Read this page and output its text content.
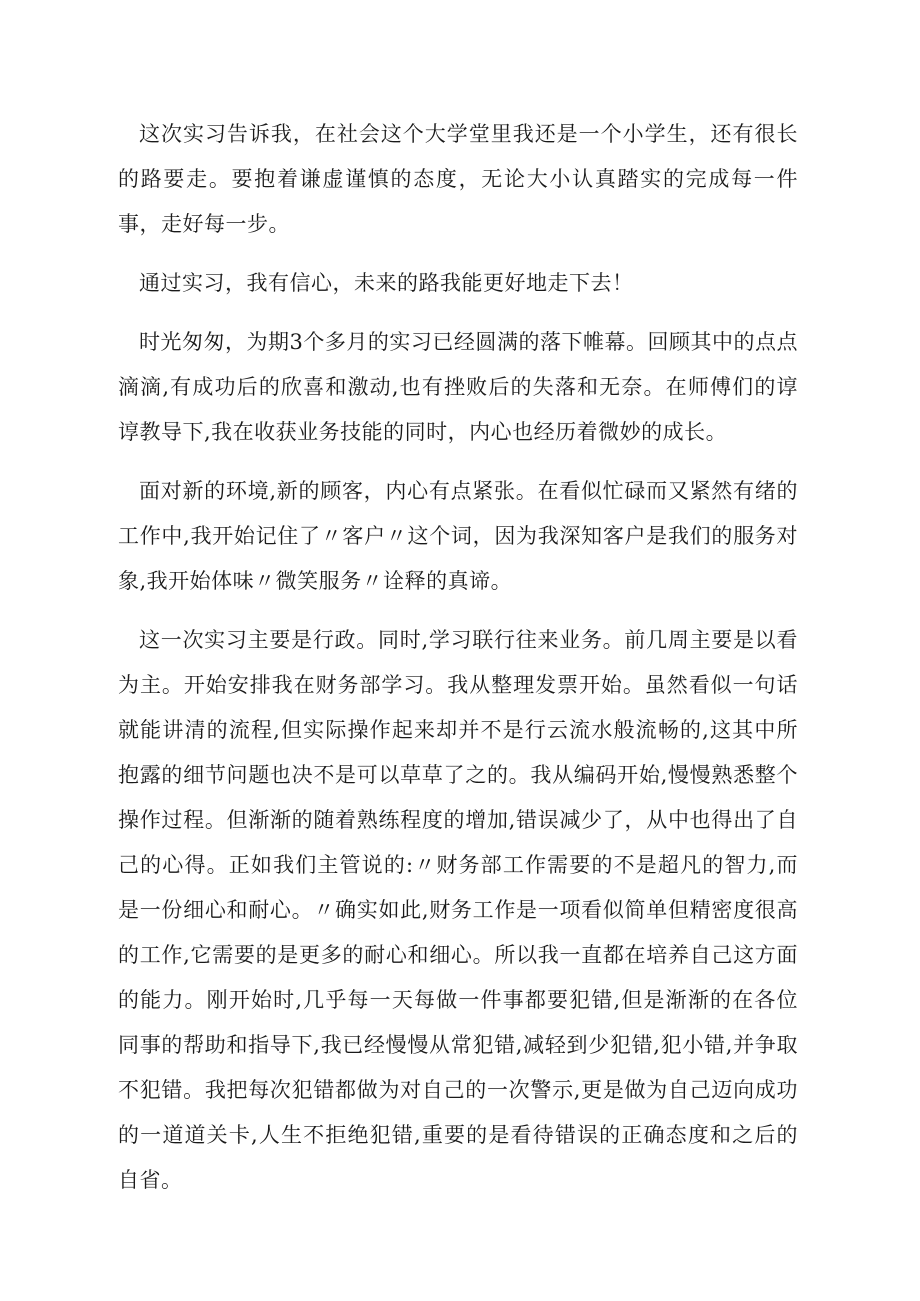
这次实习告诉我，在社会这个大学堂里我还是一个小学生，还有很长的路要走。要抱着谦虚谨慎的态度，无论大小认真踏实的完成每一件事，走好每一步。

通过实习，我有信心，未来的路我能更好地走下去！

时光匆匆，为期3个多月的实习已经圆满的落下帷幕。回顾其中的点点滴滴,有成功后的欣喜和激动,也有挫败后的失落和无奈。在师傅们的谆谆教导下,我在收获业务技能的同时，内心也经历着微妙的成长。

面对新的环境,新的顾客，内心有点紧张。在看似忙碌而又紧然有绪的工作中,我开始记住了〃客户〃这个词，因为我深知客户是我们的服务对象,我开始体味〃微笑服务〃诠释的真谛。

这一次实习主要是行政。同时,学习联行往来业务。前几周主要是以看为主。开始安排我在财务部学习。我从整理发票开始。虽然看似一句话就能讲清的流程,但实际操作起来却并不是行云流水般流畅的,这其中所抱露的细节问题也决不是可以草草了之的。我从编码开始,慢慢熟悉整个操作过程。但渐渐的随着熟练程度的增加,错误减少了，从中也得出了自己的心得。正如我们主管说的:〃财务部工作需要的不是超凡的智力,而是一份细心和耐心。〃确实如此,财务工作是一项看似简单但精密度很高的工作,它需要的是更多的耐心和细心。所以我一直都在培养自己这方面的能力。刚开始时,几乎每一天每做一件事都要犯错,但是渐渐的在各位同事的帮助和指导下,我已经慢慢从常犯错,减轻到少犯错,犯小错,并争取不犯错。我把每次犯错都做为对自己的一次警示,更是做为自己迈向成功的一道道关卡,人生不拒绝犯错,重要的是看待错误的正确态度和之后的自省。
